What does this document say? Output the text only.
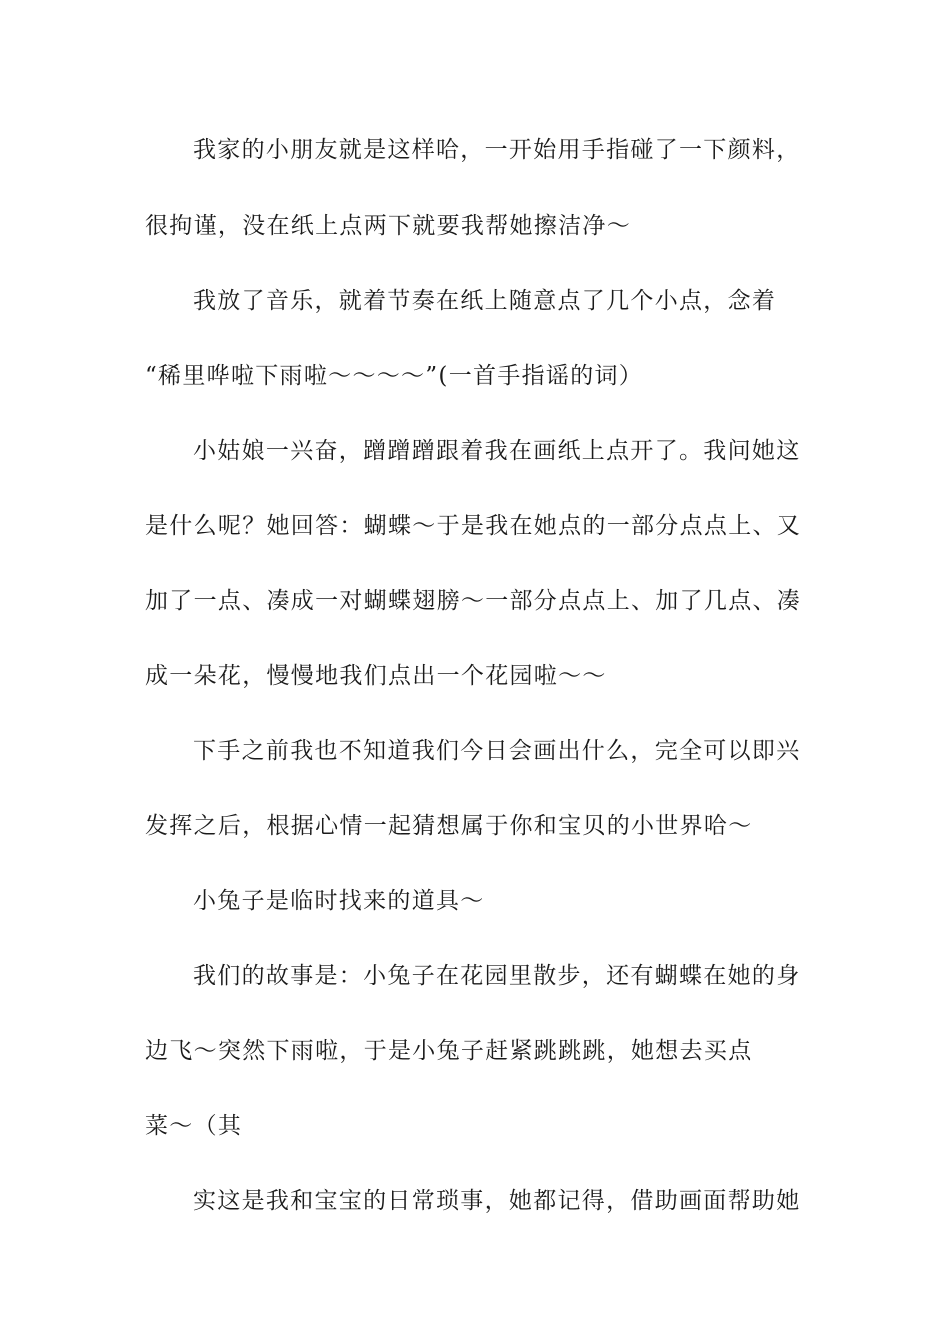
我家的小朋友就是这样哈，一开始用手指碰了一下颜料，
很拘谨，没在纸上点两下就要我帮她擦洁净～
我放了音乐，就着节奏在纸上随意点了几个小点，念着
“稀里哗啦下雨啦～～～～”(一首手指谣的词）
小姑娘一兴奋，蹭蹭蹭跟着我在画纸上点开了。我问她这
是什么呢？她回答：蝴蝶～于是我在她点的一部分点点上、又
加了一点、凑成一对蝴蝶翅膀～一部分点点上、加了几点、凑
成一朵花，慢慢地我们点出一个花园啦～～
下手之前我也不知道我们今日会画出什么，完全可以即兴
发挥之后，根据心情一起猜想属于你和宝贝的小世界哈～
小兔子是临时找来的道具～
我们的故事是：小兔子在花园里散步，还有蝴蝶在她的身
边飞～突然下雨啦，于是小兔子赶紧跳跳跳，她想去买点
菜～（其
实这是我和宝宝的日常琐事，她都记得，借助画面帮助她
